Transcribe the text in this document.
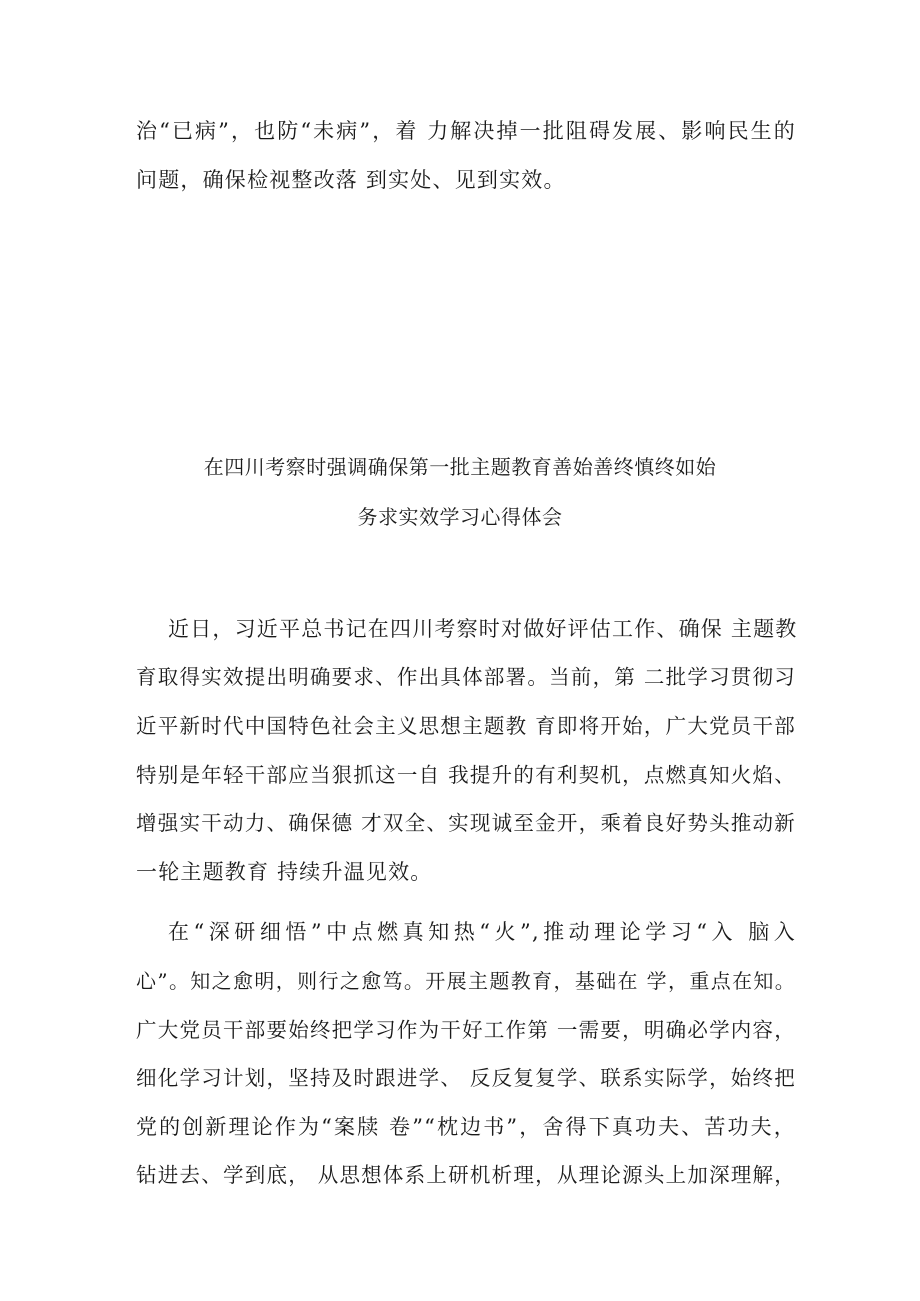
治“已病”，也防“未病”，着 力解决掉一批阻碍发展、影响民生的
问题，确保检视整改落 到实处、见到实效。
在四川考察时强调确保第一批主题教育善始善终慎终如始
务求实效学习心得体会
近日，习近平总书记在四川考察时对做好评估工作、确保 主题教
育取得实效提出明确要求、作出具体部署。当前，第 二批学习贯彻习
近平新时代中国特色社会主义思想主题教 育即将开始，广大党员干部
特别是年轻干部应当狠抓这一自 我提升的有利契机，点燃真知火焰、
增强实干动力、确保德 才双全、实现诚至金开，乘着良好势头推动新
一轮主题教育 持续升温见效。
在“深研细悟”中点燃真知热“火”,推动理论学习“入 脑入
心”。知之愈明，则行之愈笃。开展主题教育，基础在 学，重点在知。
广大党员干部要始终把学习作为干好工作第 一需要，明确必学内容，
细化学习计划，坚持及时跟进学、 反反复复学、联系实际学，始终把
党的创新理论作为“案牍 卷”“枕边书”，舍得下真功夫、苦功夫，
钻进去、学到底， 从思想体系上研机析理，从理论源头上加深理解，
